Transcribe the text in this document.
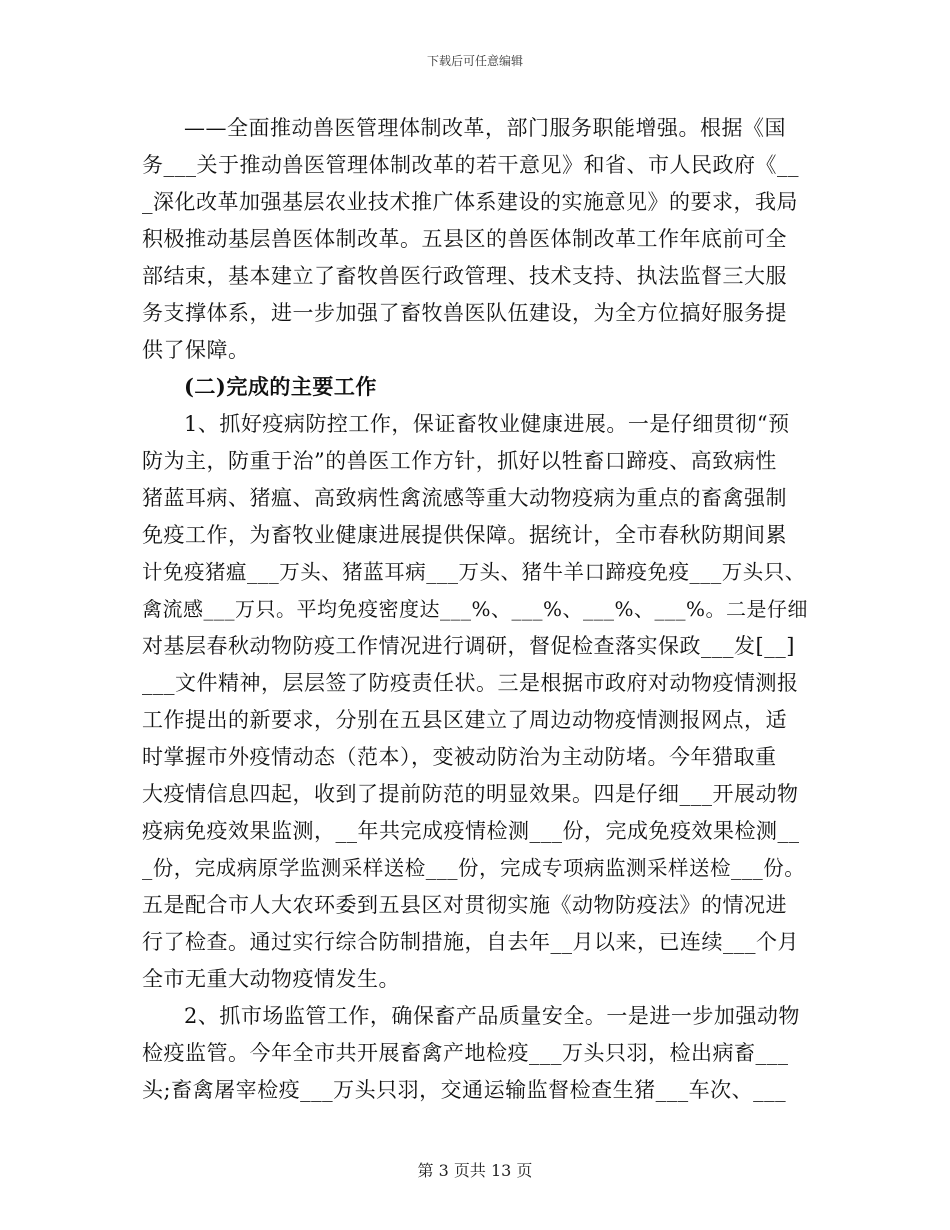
下载后可任意编辑
——全面推动兽医管理体制改革，部门服务职能增强。根据《国
务___关于推动兽医管理体制改革的若干意见》和省、市人民政府《__
_深化改革加强基层农业技术推广体系建设的实施意见》的要求，我局
积极推动基层兽医体制改革。五县区的兽医体制改革工作年底前可全
部结束，基本建立了畜牧兽医行政管理、技术支持、执法监督三大服
务支撑体系，进一步加强了畜牧兽医队伍建设，为全方位搞好服务提
供了保障。
(二)完成的主要工作
1、抓好疫病防控工作，保证畜牧业健康进展。一是仔细贯彻“预
防为主，防重于治”的兽医工作方针，抓好以牲畜口蹄疫、高致病性
猪蓝耳病、猪瘟、高致病性禽流感等重大动物疫病为重点的畜禽强制
免疫工作，为畜牧业健康进展提供保障。据统计，全市春秋防期间累
计免疫猪瘟___万头、猪蓝耳病___万头、猪牛羊口蹄疫免疫___万头只、
禽流感___万只。平均免疫密度达___%、___%、___%、___%。二是仔细
对基层春秋动物防疫工作情况进行调研，督促检查落实保政___发[__]
___文件精神，层层签了防疫责任状。三是根据市政府对动物疫情测报
工作提出的新要求，分别在五县区建立了周边动物疫情测报网点，适
时掌握市外疫情动态（范本），变被动防治为主动防堵。今年猎取重
大疫情信息四起，收到了提前防范的明显效果。四是仔细___开展动物
疫病免疫效果监测，__年共完成疫情检测___份，完成免疫效果检测__
_份，完成病原学监测采样送检___份，完成专项病监测采样送检___份。
五是配合市人大农环委到五县区对贯彻实施《动物防疫法》的情况进
行了检查。通过实行综合防制措施，自去年__月以来，已连续___个月
全市无重大动物疫情发生。
2、抓市场监管工作，确保畜产品质量安全。一是进一步加强动物
检疫监管。今年全市共开展畜禽产地检疫___万头只羽，检出病畜___
头;畜禽屠宰检疫___万头只羽，交通运输监督检查生猪___车次、___
第 3 页共 13 页
